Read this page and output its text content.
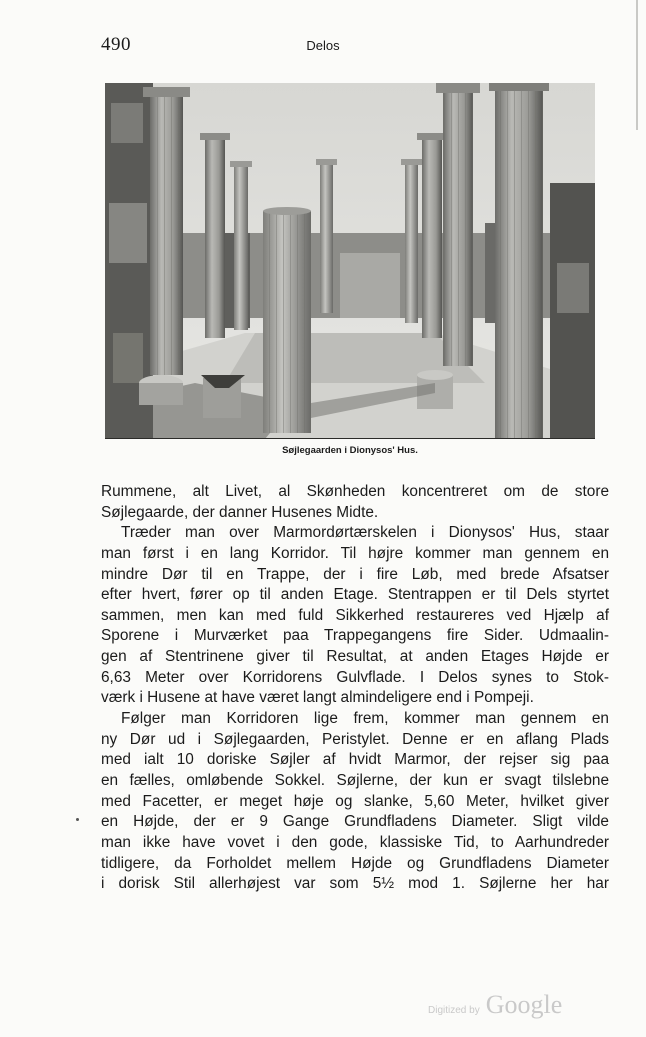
490	Delos
Søjlegaarden i Dionysos' Hus.
Rummene, alt Livet, al Skønheden koncentreret om de store
Søjlegaarde, der danner Husenes Midte.
Træder man over Marmordørtærskelen i Dionysos' Hus, staar
man først i en lang Korridor. Til højre kommer man gennem en
mindre Dør til en Trappe, der i fire Løb, med brede Afsatser
efter hvert, fører op til anden Etage. Stentrappen er til Dels styrtet
sammen, men kan med fuld Sikkerhed restaureres ved Hjælp af
Sporene i Murværket paa Trappegangens fire Sider. Udmaalin-
gen af Stentrinene giver til Resultat, at anden Etages Højde er
6,63 Meter over Korridorens Gulvflade. I Delos synes to Stok-
værk i Husene at have været langt almindeligere end i Pompeji.
Følger man Korridoren lige frem, kommer man gennem en
ny Dør ud i Søjlegaarden, Peristylet. Denne er en aflang Plads
med ialt 10 doriske Søjler af hvidt Marmor, der rejser sig paa
en fælles, omløbende Sokkel. Søjlerne, der kun er svagt tilslebne
med Facetter, er meget høje og slanke, 5,60 Meter, hvilket giver
en Højde, der er 9 Gange Grundfladens Diameter. Sligt vilde
man ikke have vovet i den gode, klassiske Tid, to Aarhundreder
tidligere, da Forholdet mellem Højde og Grundfladens Diameter
i dorisk Stil allerhøjest var som 5½ mod 1. Søjlerne her har
Digitized by Google
